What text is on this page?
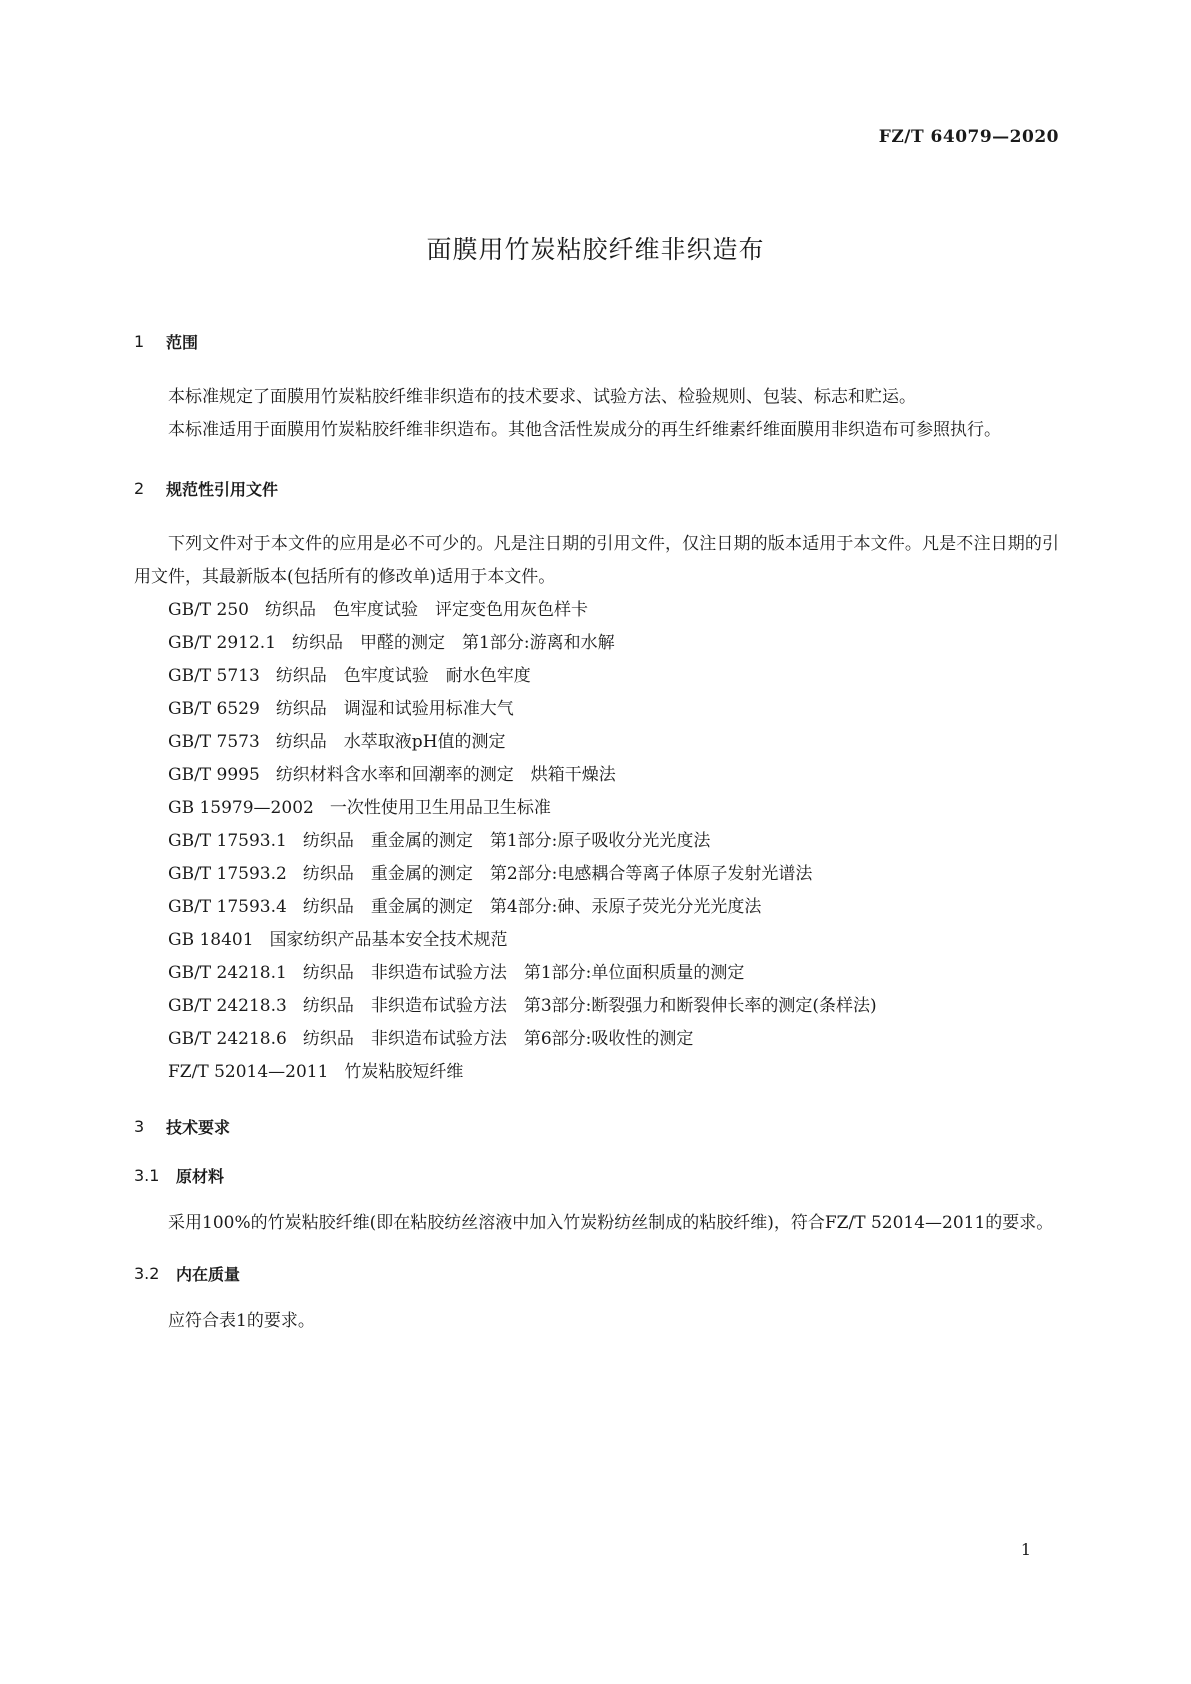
FZ/T 64079—2020
面膜用竹炭粘胶纤维非织造布
1	范围

本标准规定了面膜用竹炭粘胶纤维非织造布的技术要求、试验方法、检验规则、包装、标志和贮运。

本标准适用于面膜用竹炭粘胶纤维非织造布。其他含活性炭成分的再生纤维素纤维面膜用非织造布可参照执行。

2	规范性引用文件

下列文件对于本文件的应用是必不可少的。凡是注日期的引用文件，仅注日期的版本适用于本文件。凡是不注日期的引用文件，其最新版本(包括所有的修改单)适用于本文件。

GB/T 250 纺织品　色牢度试验　评定变色用灰色样卡
GB/T 2912.1 纺织品　甲醛的测定　第1部分:游离和水解
GB/T 5713 纺织品　色牢度试验　耐水色牢度
GB/T 6529 纺织品　调湿和试验用标准大气
GB/T 7573 纺织品　水萃取液pH值的测定
GB/T 9995 纺织材料含水率和回潮率的测定　烘箱干燥法
GB 15979—2002 一次性使用卫生用品卫生标准
GB/T 17593.1 纺织品　重金属的测定　第1部分:原子吸收分光光度法
GB/T 17593.2 纺织品　重金属的测定　第2部分:电感耦合等离子体原子发射光谱法
GB/T 17593.4 纺织品　重金属的测定　第4部分:砷、汞原子荧光分光光度法
GB 18401 国家纺织产品基本安全技术规范
GB/T 24218.1 纺织品　非织造布试验方法　第1部分:单位面积质量的测定
GB/T 24218.3 纺织品　非织造布试验方法　第3部分:断裂强力和断裂伸长率的测定(条样法)
GB/T 24218.6 纺织品　非织造布试验方法　第6部分:吸收性的测定
FZ/T 52014—2011 竹炭粘胶短纤维
3	技术要求
3.1	原材料

采用100%的竹炭粘胶纤维(即在粘胶纺丝溶液中加入竹炭粉纺丝制成的粘胶纤维)，符合FZ/T 52014—2011的要求。

3.2	内在质量

应符合表1的要求。

1
